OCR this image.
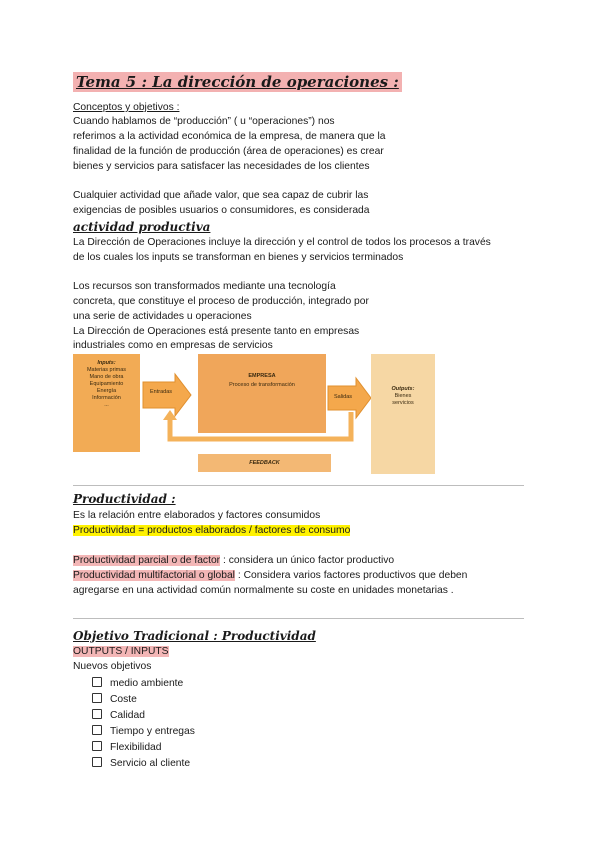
Tema 5 : La dirección de operaciones :
Conceptos y objetivos :
Cuando hablamos de “producción” ( u “operaciones”) nos
referimos a la actividad económica de la empresa, de manera que la
finalidad de la función de producción (área de operaciones) es crear
bienes y servicios para satisfacer las necesidades de los clientes
Cualquier actividad que añade valor, que sea capaz de cubrir las
exigencias de posibles usuarios o consumidores, es considerada
actividad productiva
La Dirección de Operaciones incluye la dirección y el control de todos los procesos a través
de los cuales los inputs se transforman en bienes y servicios terminados
Los recursos son transformados mediante una tecnología
concreta, que constituye el proceso de producción, integrado por
una serie de actividades u operaciones
La Dirección de Operaciones está presente tanto en empresas
industriales como en empresas de servicios
Inputs:
Materias primas
Mano de obra
Equipamiento
Energía
Información
...
Entradas
EMPRESA
Proceso de transformación
Salidas
Outputs:
Bienes
servicios
FEEDBACK
Productividad :
Es la relación entre elaborados y factores consumidos
Productividad = productos elaborados / factores de consumo
Productividad parcial o de factor : considera un único factor productivo
Productividad multifactorial o global : Considera varios factores productivos que deben
agregarse en una actividad común normalmente su coste en unidades monetarias .
Objetivo Tradicional : Productividad
OUTPUTS / INPUTS
Nuevos objetivos
medio ambiente
Coste
Calidad
Tiempo y entregas
Flexibilidad
Servicio al cliente
